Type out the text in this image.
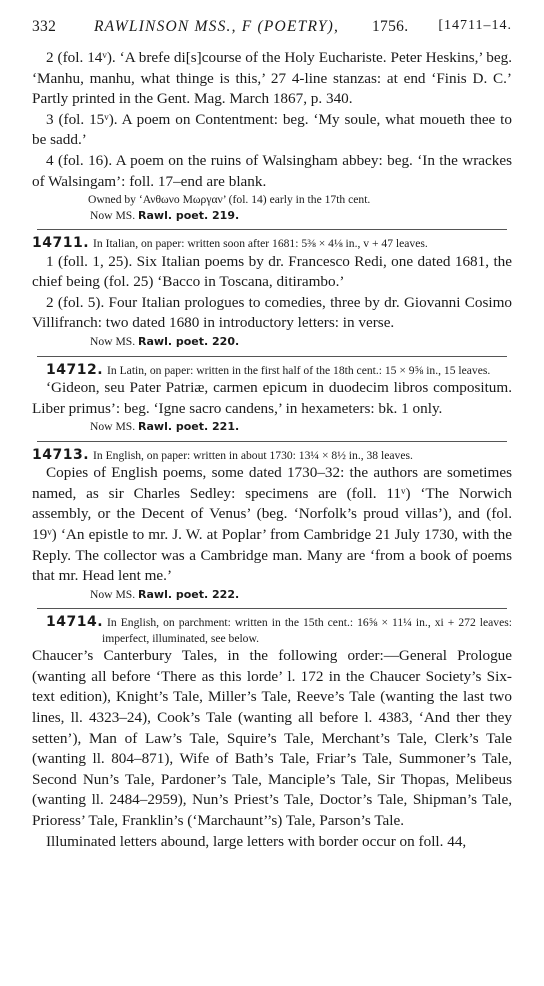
332 RAWLINSON MSS., F (POETRY), 1756. [14711–14.

2 (fol. 14ᵛ). ‘A brefe di[s]course of the Holy Eucharistе. Peter Heskins,’ beg. ‘Manhu, manhu, what thinge is this,’ 27 4-line stanzas: at end ‘Finis D. C.’ Partly printed in the Gent. Mag. March 1867, p. 340.

3 (fol. 15ᵛ). A poem on Contentment: beg. ‘My soule, what moueth thee to be sadd.’

4 (fol. 16). A poem on the ruins of Walsingham abbey: beg. ‘In the wrackes of Walsingam’: foll. 17–end are blank.

Owned by ‘Ανθωνο Μωργαν’ (fol. 14) early in the 17th cent.

Now MS. Rawl. poet. 219.

14711. In Italian, on paper: written soon after 1681: 5⅜ × 4⅛ in., v + 47 leaves.

1 (foll. 1, 25). Six Italian poems by dr. Francesco Redi, one dated 1681, the chief being (fol. 25) ‘Bacco in Toscana, ditirambo.’

2 (fol. 5). Four Italian prologues to comedies, three by dr. Giovanni Cosimo Villifranch: two dated 1680 in introductory letters: in verse.

Now MS. Rawl. poet. 220.

14712. In Latin, on paper: written in the first half of the 18th cent.: 15 × 9⅝ in., 15 leaves.

‘Gideon, seu Pater Patriæ, carmen epicum in duodecim libros compositum. Liber primus’: beg. ‘Igne sacro candens,’ in hexameters: bk. 1 only.

Now MS. Rawl. poet. 221.

14713. In English, on paper: written in about 1730: 13¼ × 8½ in., 38 leaves.

Copies of English poems, some dated 1730–32: the authors are sometimes named, as sir Charles Sedley: specimens are (foll. 11ᵛ) ‘The Norwich assembly, or the Decent of Venus’ (beg. ‘Norfolk’s proud villas’), and (fol. 19ᵛ) ‘An epistle to mr. J. W. at Poplar’ from Cambridge 21 July 1730, with the Reply. The collector was a Cambridge man. Many are ‘from a book of poems that mr. Head lent me.’

Now MS. Rawl. poet. 222.

14714. In English, on parchment: written in the 15th cent.: 16⅝ × 11¼ in., xi + 272 leaves: imperfect, illuminated, see below.

Chaucer’s Canterbury Tales, in the following order:—General Prologue (wanting all before ‘There as this lorde’ l. 172 in the Chaucer Society’s Six-text edition), Knight’s Tale, Miller’s Tale, Reeve’s Tale (wanting the last two lines, ll. 4323–24), Cook’s Tale (wanting all before l. 4383, ‘And ther they setten’), Man of Law’s Tale, Squire’s Tale, Merchant’s Tale, Clerk’s Tale (wanting ll. 804–871), Wife of Bath’s Tale, Friar’s Tale, Summoner’s Tale, Second Nun’s Tale, Pardoner’s Tale, Manciple’s Tale, Sir Thopas, Melibeus (wanting ll. 2484–2959), Nun’s Priest’s Tale, Doctor’s Tale, Shipman’s Tale, Prioress’ Tale, Franklin’s (‘Marchaunt’’s) Tale, Parson’s Tale.

Illuminated letters abound, large letters with border occur on foll. 44,
